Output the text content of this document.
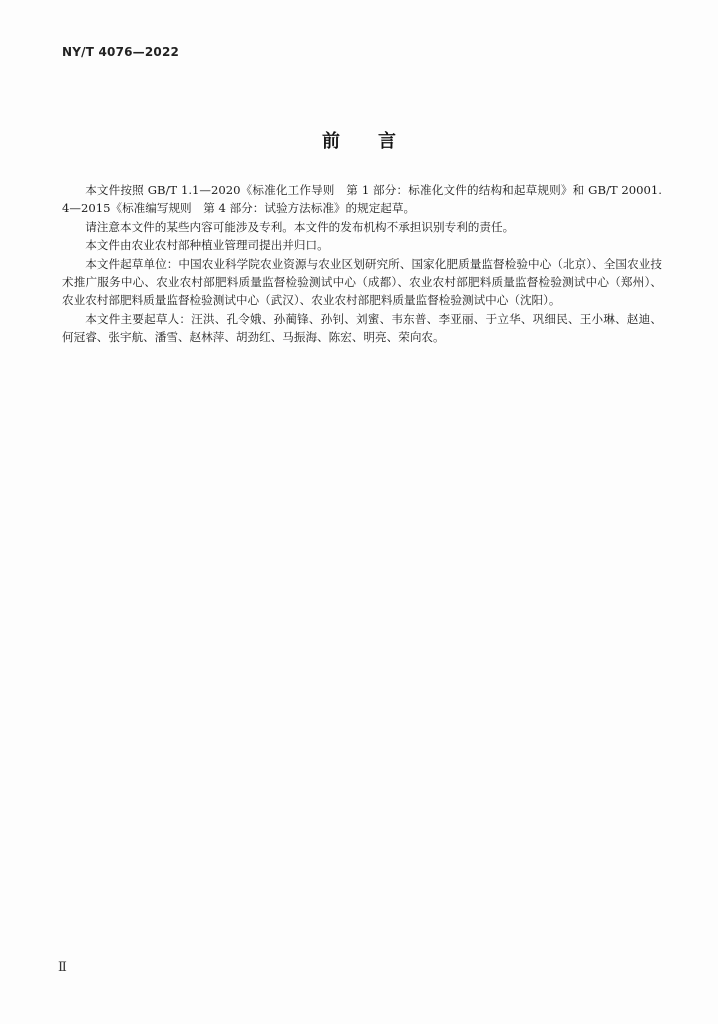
NY/T 4076—2022
前言

本文件按照 GB/T 1.1—2020《标准化工作导则　第 1 部分：标准化文件的结构和起草规则》和 GB/T 20001.4—2015《标准编写规则　第 4 部分：试验方法标准》的规定起草。

请注意本文件的某些内容可能涉及专利。本文件的发布机构不承担识别专利的责任。

本文件由农业农村部种植业管理司提出并归口。

本文件起草单位：中国农业科学院农业资源与农业区划研究所、国家化肥质量监督检验中心（北京）、全国农业技术推广服务中心、农业农村部肥料质量监督检验测试中心（成都）、农业农村部肥料质量监督检验测试中心（郑州）、农业农村部肥料质量监督检验测试中心（武汉）、农业农村部肥料质量监督检验测试中心（沈阳）。

本文件主要起草人：汪洪、孔令娥、孙蔺锋、孙钊、刘蜜、韦东普、李亚丽、于立华、巩细民、王小琳、赵迪、何冠睿、张宇航、潘雪、赵林萍、胡劲红、马振海、陈宏、明亮、荣向农。

Ⅱ
